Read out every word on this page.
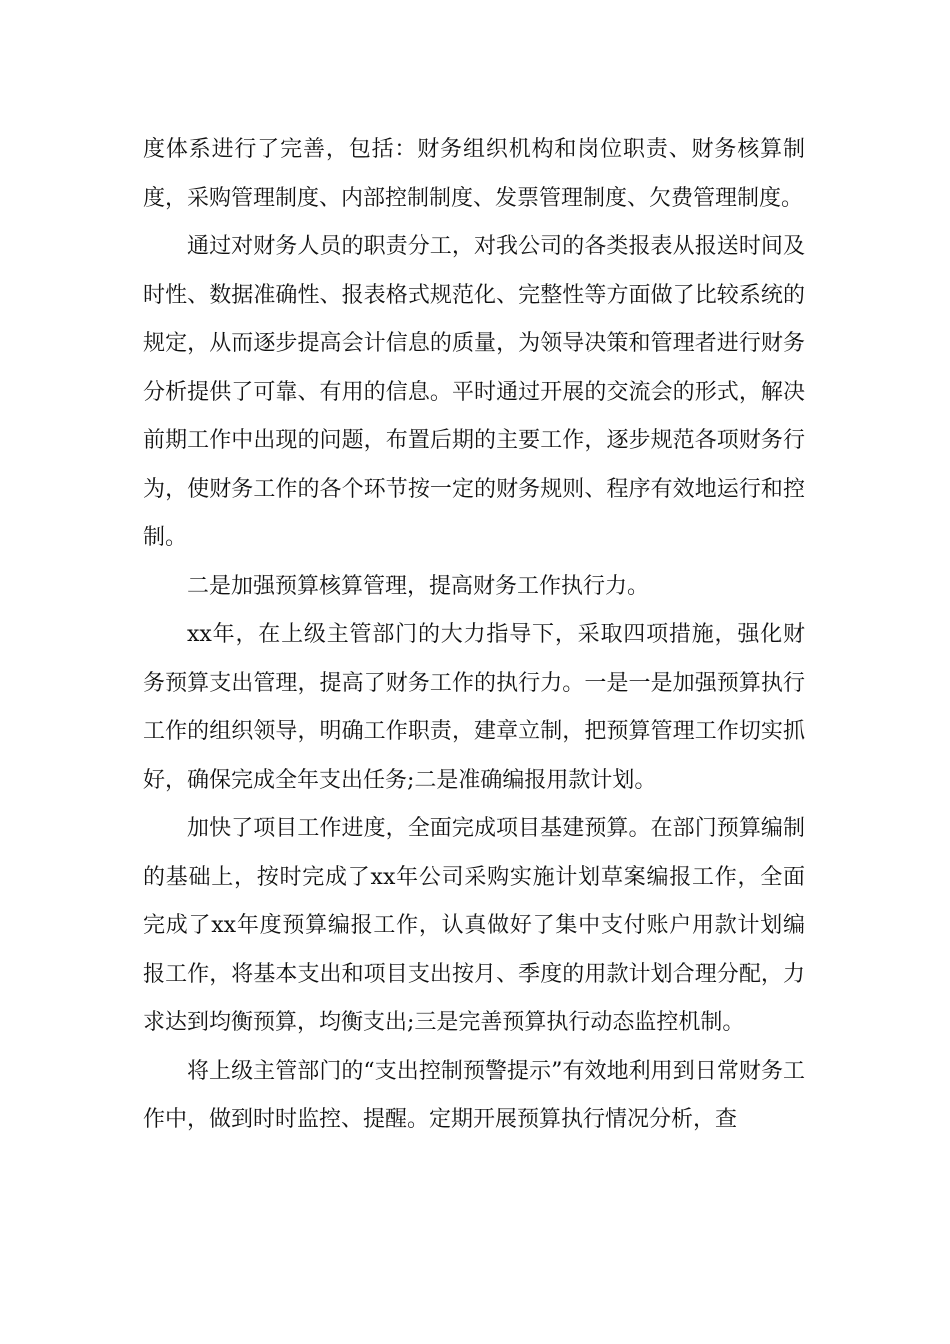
度体系进行了完善，包括：财务组织机构和岗位职责、财务核算制度，采购管理制度、内部控制制度、发票管理制度、欠费管理制度。

通过对财务人员的职责分工，对我公司的各类报表从报送时间及时性、数据准确性、报表格式规范化、完整性等方面做了比较系统的规定，从而逐步提高会计信息的质量，为领导决策和管理者进行财务分析提供了可靠、有用的信息。平时通过开展的交流会的形式，解决前期工作中出现的问题，布置后期的主要工作，逐步规范各项财务行为，使财务工作的各个环节按一定的财务规则、程序有效地运行和控制。

二是加强预算核算管理，提高财务工作执行力。

xx年，在上级主管部门的大力指导下，采取四项措施，强化财务预算支出管理，提高了财务工作的执行力。一是一是加强预算执行工作的组织领导，明确工作职责，建章立制，把预算管理工作切实抓好，确保完成全年支出任务;二是准确编报用款计划。

加快了项目工作进度，全面完成项目基建预算。在部门预算编制的基础上，按时完成了xx年公司采购实施计划草案编报工作，全面完成了xx年度预算编报工作，认真做好了集中支付账户用款计划编报工作，将基本支出和项目支出按月、季度的用款计划合理分配，力求达到均衡预算，均衡支出;三是完善预算执行动态监控机制。

将上级主管部门的“支出控制预警提示”有效地利用到日常财务工作中，做到时时监控、提醒。定期开展预算执行情况分析，查
